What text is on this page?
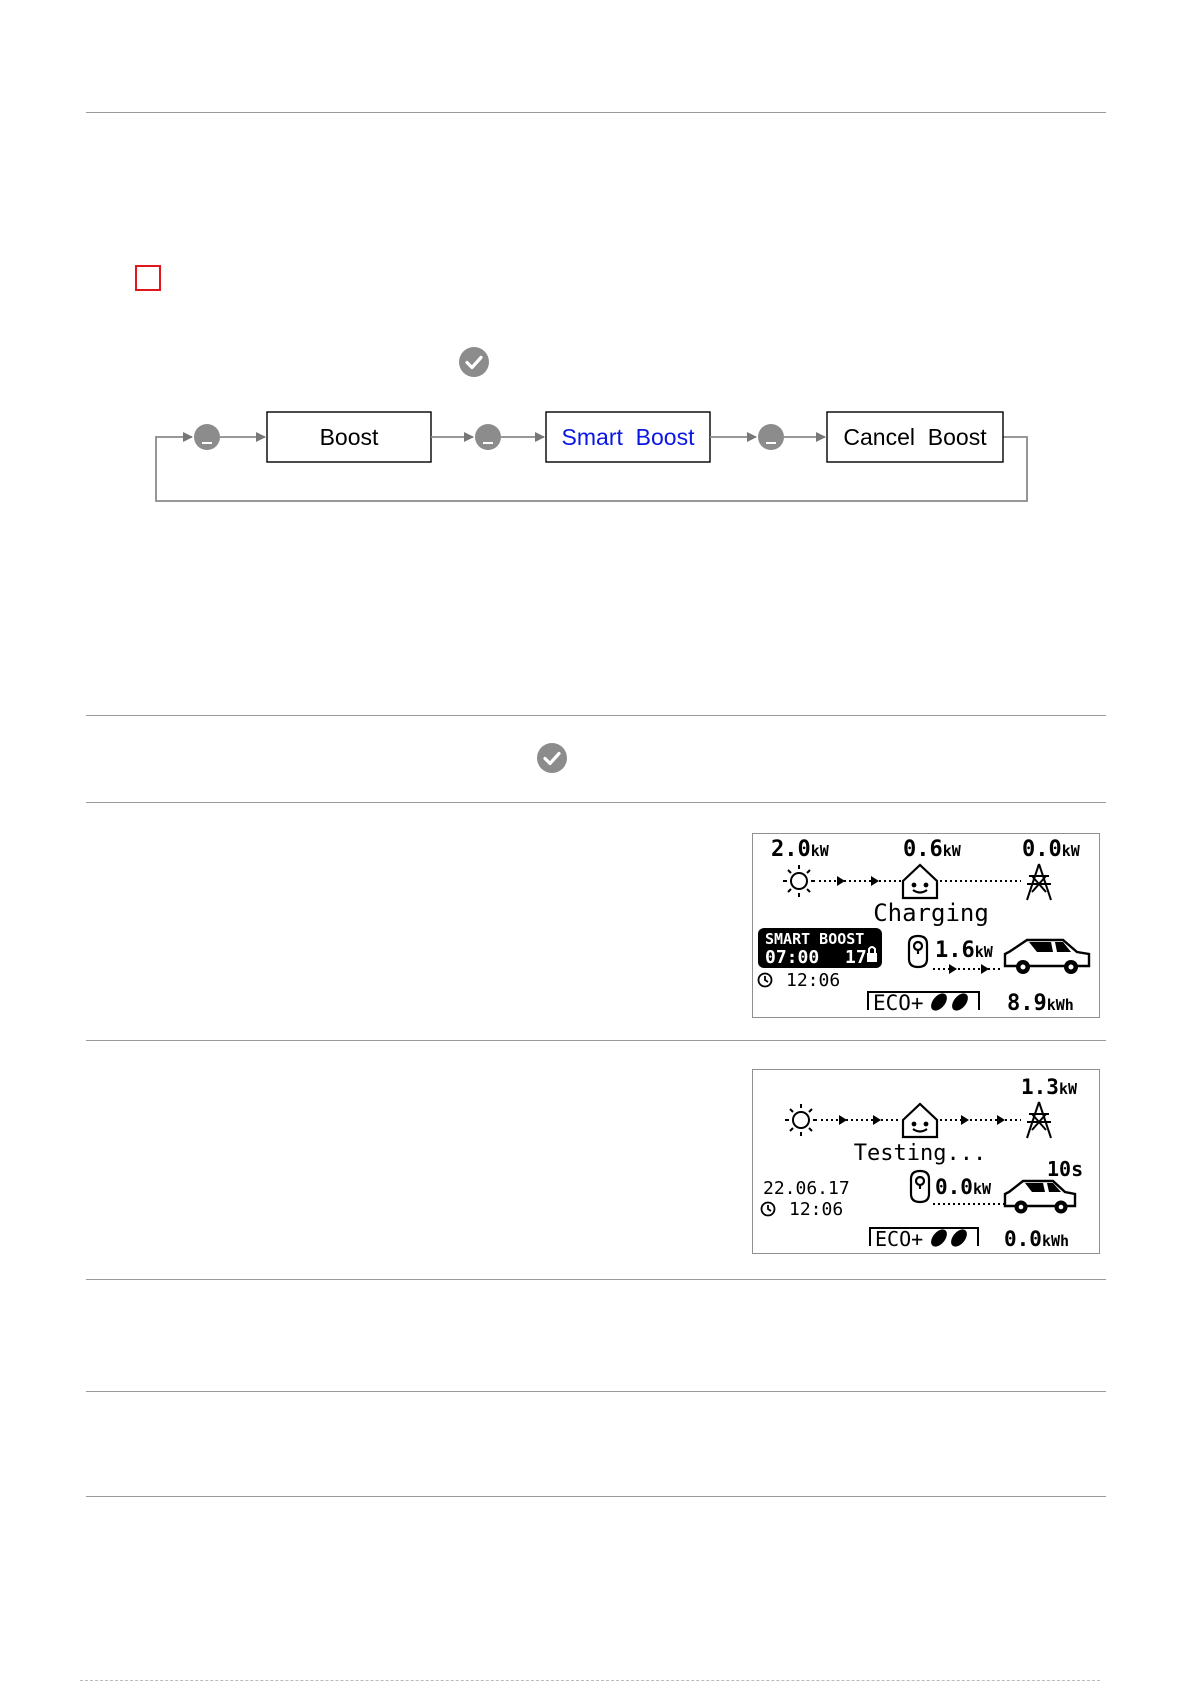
Boost	Smart  Boost	Cancel  Boost
2.0kW	0.6kW	0.0kW
Charging
SMART BOOST
07:00 17
12:06
1.6kW
ECO+	8.9kWh
1.3kW
Testing...
10s
22.06.17
12:06
0.0kW
ECO+	0.0kWh
